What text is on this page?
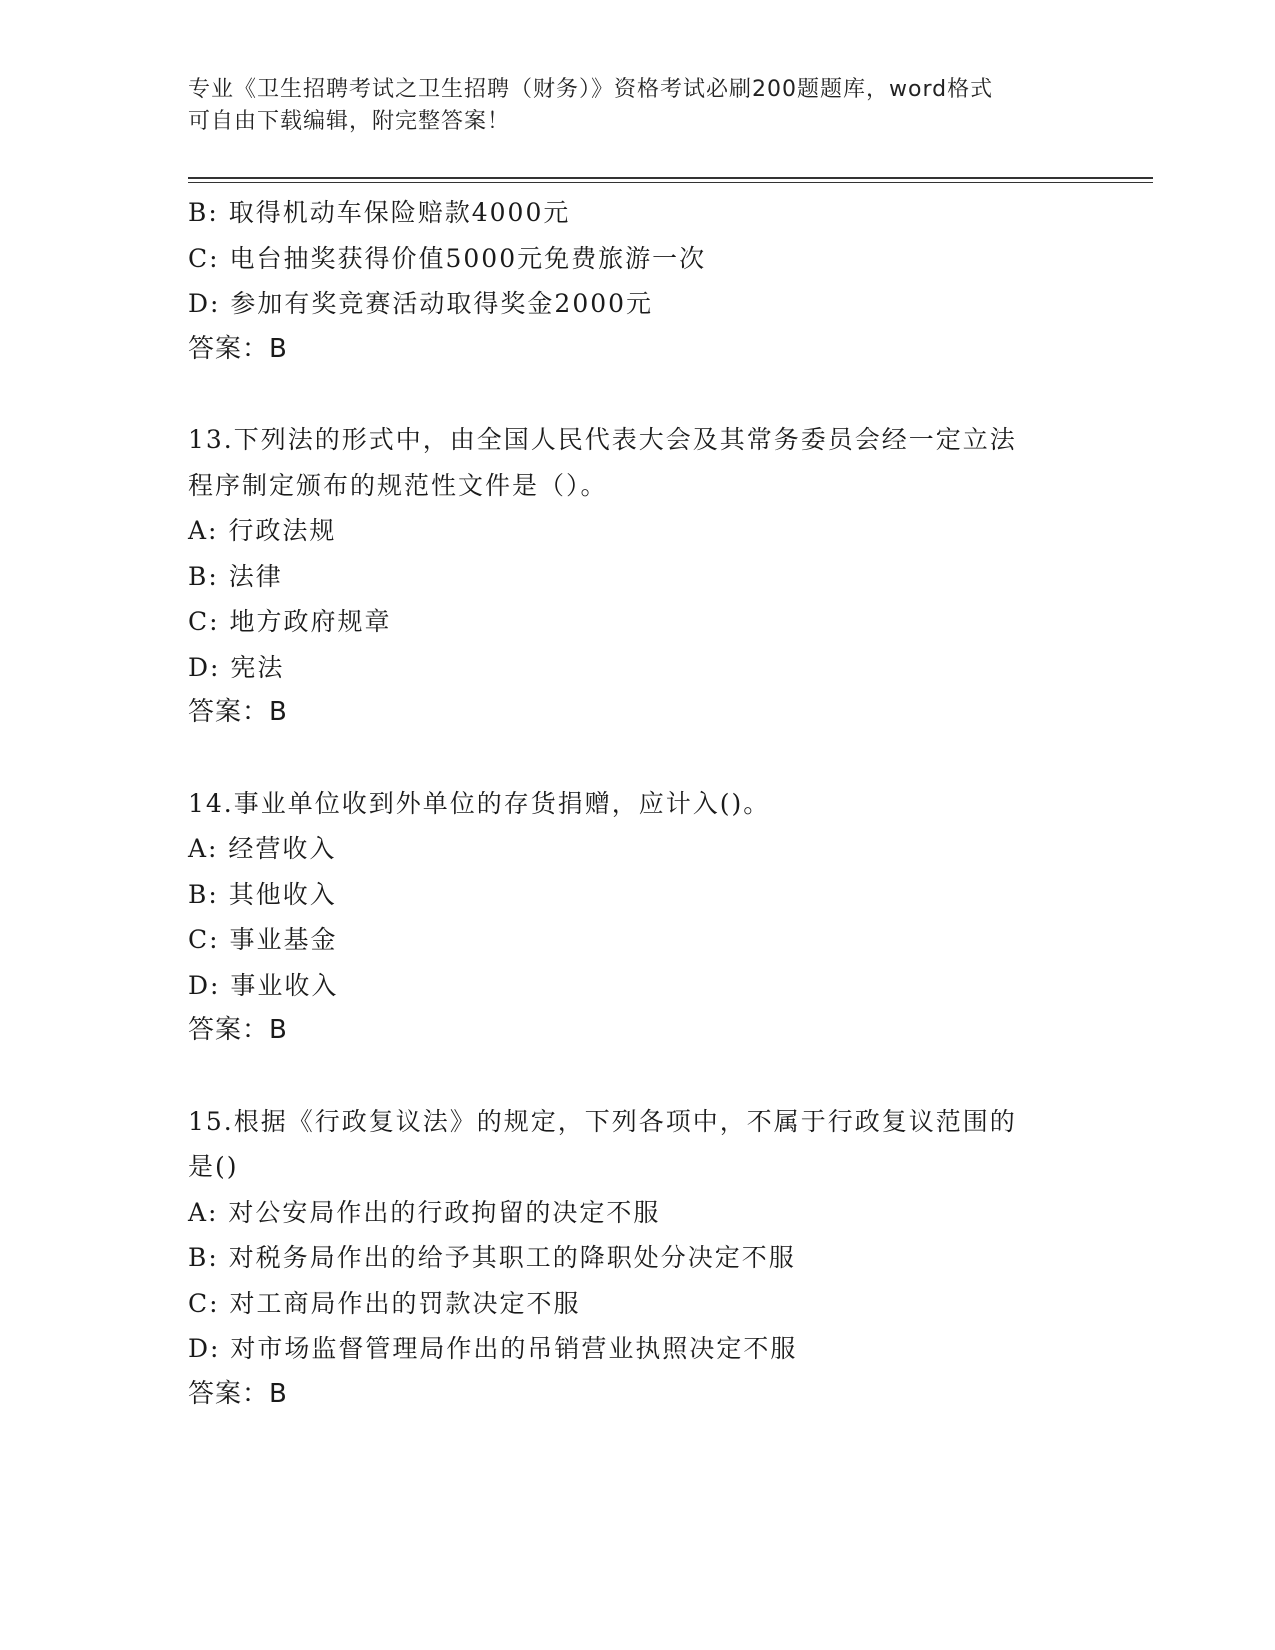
专业《卫生招聘考试之卫生招聘（财务）》资格考试必刷200题题库，word格式
可自由下载编辑，附完整答案！
B: 取得机动车保险赔款4000元
C: 电台抽奖获得价值5000元免费旅游一次
D: 参加有奖竞赛活动取得奖金2000元
答案：B
13.下列法的形式中，由全国人民代表大会及其常务委员会经一定立法
程序制定颁布的规范性文件是（）。
A: 行政法规
B: 法律
C: 地方政府规章
D: 宪法
答案：B
14.事业单位收到外单位的存货捐赠，应计入()。
A: 经营收入
B: 其他收入
C: 事业基金
D: 事业收入
答案：B
15.根据《行政复议法》的规定，下列各项中，不属于行政复议范围的
是()
A: 对公安局作出的行政拘留的决定不服
B: 对税务局作出的给予其职工的降职处分决定不服
C: 对工商局作出的罚款决定不服
D: 对市场监督管理局作出的吊销营业执照决定不服
答案：B
